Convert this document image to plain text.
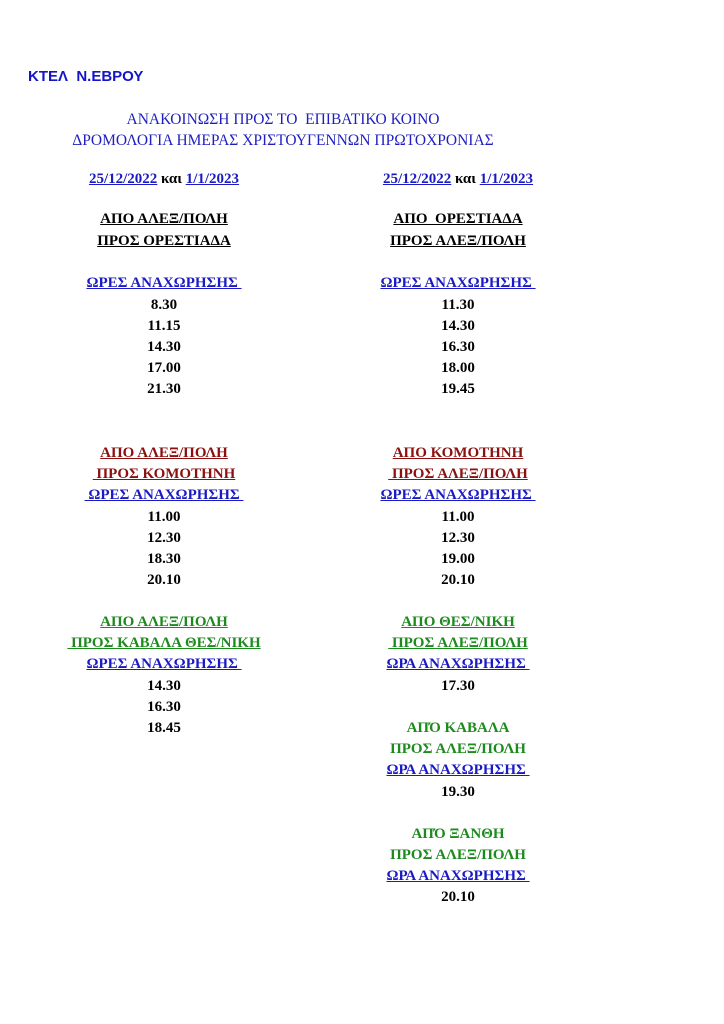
ΚΤΕΛ  Ν.ΕΒΡΟΥ
ΑΝΑΚΟΙΝΩΣΗ ΠΡΟΣ ΤΟ  ΕΠΙΒΑΤΙΚΟ ΚΟΙΝΟ
ΔΡΟΜΟΛΟΓΙΑ ΗΜΕΡΑΣ ΧΡΙΣΤΟΥΓΕΝΝΩΝ ΠΡΩΤΟΧΡΟΝΙΑΣ
25/12/2022 και 1/1/2023
ΑΠΟ ΑΛΕΞ/ΠΟΛΗ
ΠΡΟΣ ΟΡΕΣΤΙΑΔΑ
ΩΡΕΣ ΑΝΑΧΩΡΗΣΗΣ
8.30
11.15
14.30
17.00
21.30
ΑΠΟ ΑΛΕΞ/ΠΟΛΗ
ΠΡΟΣ ΚΟΜΟΤΗΝΗ
ΩΡΕΣ ΑΝΑΧΩΡΗΣΗΣ
11.00
12.30
18.30
20.10
ΑΠΟ ΑΛΕΞ/ΠΟΛΗ
ΠΡΟΣ ΚΑΒΑΛΑ ΘΕΣ/ΝΙΚΗ
ΩΡΕΣ ΑΝΑΧΩΡΗΣΗΣ
14.30
16.30
18.45
25/12/2022 και 1/1/2023
ΑΠΟ  ΟΡΕΣΤΙΑΔΑ
ΠΡΟΣ ΑΛΕΞ/ΠΟΛΗ
ΩΡΕΣ ΑΝΑΧΩΡΗΣΗΣ
11.30
14.30
16.30
18.00
19.45
ΑΠΟ ΚΟΜΟΤΗΝΗ
ΠΡΟΣ ΑΛΕΞ/ΠΟΛΗ
ΩΡΕΣ ΑΝΑΧΩΡΗΣΗΣ
11.00
12.30
19.00
20.10
ΑΠΟ ΘΕΣ/ΝΙΚΗ
ΠΡΟΣ ΑΛΕΞ/ΠΟΛΗ
ΩΡΑ ΑΝΑΧΩΡΗΣΗΣ
17.30
ΑΠΌ ΚΑΒΑΛΑ
ΠΡΟΣ ΑΛΕΞ/ΠΟΛΗ
ΩΡΑ ΑΝΑΧΩΡΗΣΗΣ
19.30
ΑΠΌ ΞΑΝΘΗ
ΠΡΟΣ ΑΛΕΞ/ΠΟΛΗ
ΩΡΑ ΑΝΑΧΩΡΗΣΗΣ
20.10
